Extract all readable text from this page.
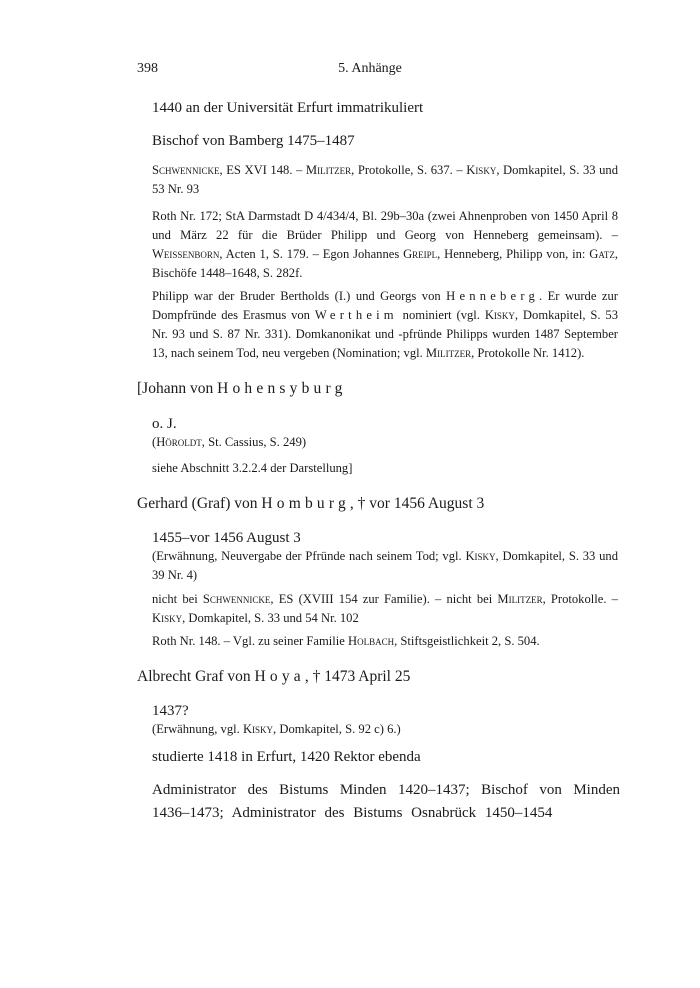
398	5. Anhänge
1440 an der Universität Erfurt immatrikuliert
Bischof von Bamberg 1475–1487
Schwennicke, ES XVI 148. – Militzer, Protokolle, S. 637. – Kisky, Domkapitel, S. 33 und 53 Nr. 93
Roth Nr. 172; StA Darmstadt D 4/434/4, Bl. 29b–30a (zwei Ahnenproben von 1450 April 8 und März 22 für die Brüder Philipp und Georg von Henneberg gemeinsam). – Weissenborn, Acten 1, S. 179. – Egon Johannes Greipl, Henneberg, Philipp von, in: Gatz, Bischöfe 1448–1648, S. 282f.
Philipp war der Bruder Bertholds (I.) und Georgs von Henneberg. Er wurde zur Dompfründe des Erasmus von Wertheim nominiert (vgl. Kisky, Domkapitel, S. 53 Nr. 93 und S. 87 Nr. 331). Domkanonikat und -pfründe Philipps wurden 1487 September 13, nach seinem Tod, neu vergeben (Nomination; vgl. Militzer, Protokolle Nr. 1412).
[Johann von Hohensyburg
o. J.
(Höroldt, St. Cassius, S. 249)
siehe Abschnitt 3.2.2.4 der Darstellung]
Gerhard (Graf) von Homburg, † vor 1456 August 3
1455–vor 1456 August 3
(Erwähnung, Neuvergabe der Pfründe nach seinem Tod; vgl. Kisky, Domkapitel, S. 33 und 39 Nr. 4)
nicht bei Schwennicke, ES (XVIII 154 zur Familie). – nicht bei Militzer, Protokolle. – Kisky, Domkapitel, S. 33 und 54 Nr. 102
Roth Nr. 148. – Vgl. zu seiner Familie Holbach, Stiftsgeistlichkeit 2, S. 504.
Albrecht Graf von Hoya, † 1473 April 25
1437?
(Erwähnung, vgl. Kisky, Domkapitel, S. 92 c) 6.)
studierte 1418 in Erfurt, 1420 Rektor ebenda
Administrator des Bistums Minden 1420–1437; Bischof von Minden 1436–1473; Administrator des Bistums Osnabrück 1450–1454
